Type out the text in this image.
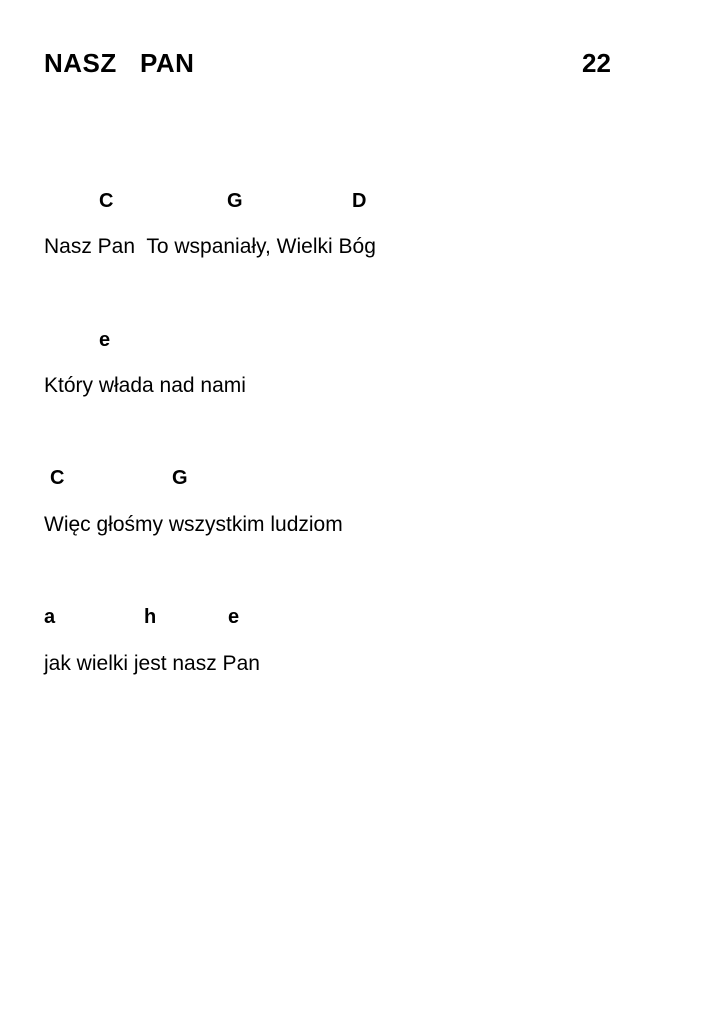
NASZ   PAN	22
C	G	D
Nasz Pan  To wspaniały, Wielki Bóg
e
Który włada nad nami
C	G
Więc głośmy wszystkim ludziom
a	h	e
jak wielki jest nasz Pan
